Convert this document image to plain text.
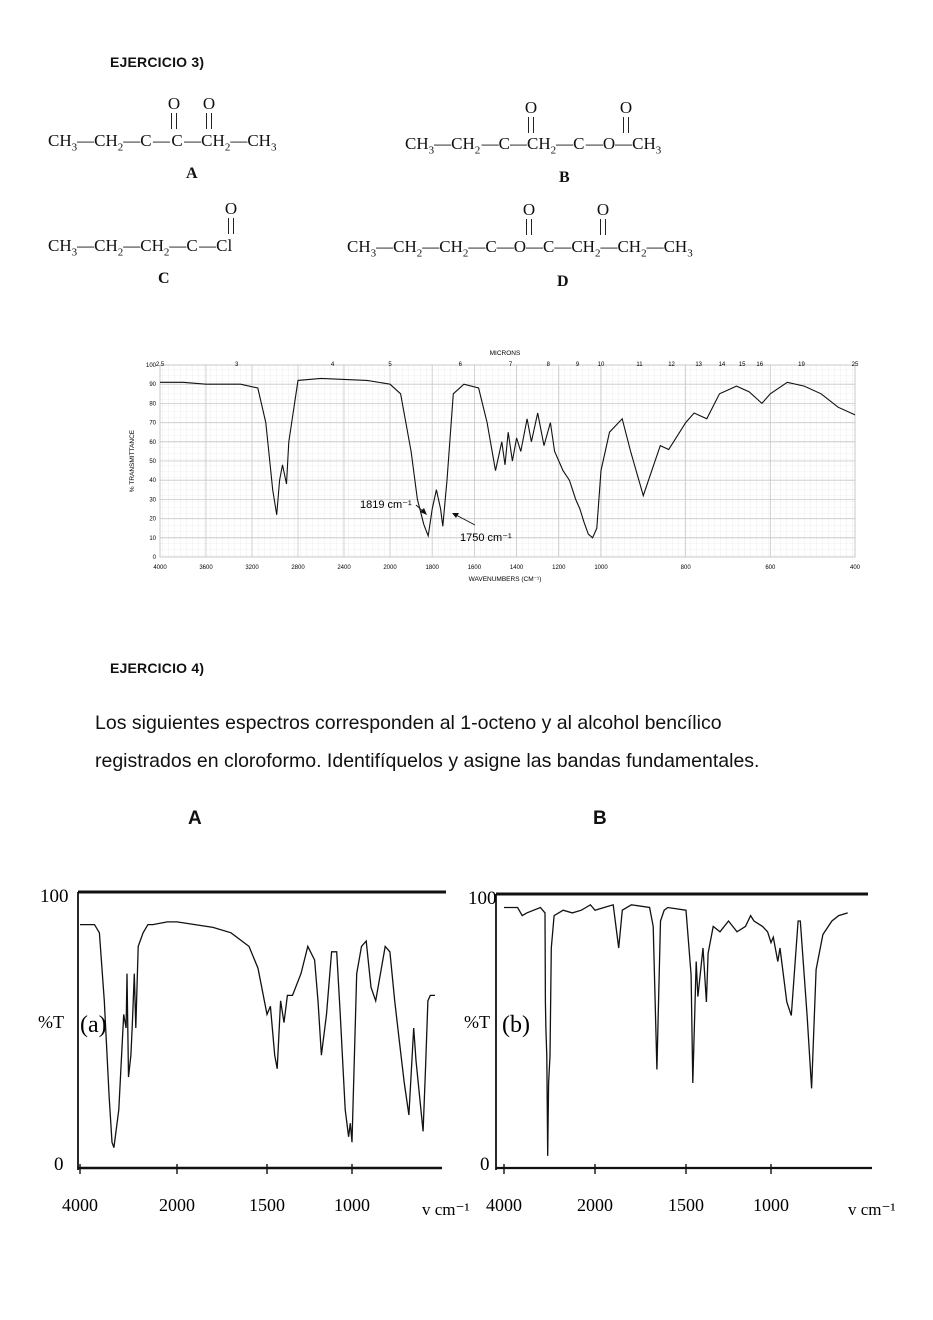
EJERCICIO 3)
O O
$CH_3—CH_2—C$ — C $—CH_2—CH_3$
A
O	O
$CH_3—CH_2$ $—C—CH_2—C$ $—O—CH_3$
B
O
$CH_3—CH_2—CH_2—C$ —Cl
C
O	O
$CH_3—CH_2—CH_2—C—O—C—CH_2—CH_2—CH_3$
D
MICRONS
2.5	3	4	5	6	7	8	9	10	11	12	13	14 15 16	19	25
100
90
80
70
60
50
40
30
20
10
0
4000	3600	3200	2800	2400	2000	1800	1600	1400	1200	1000	800	600	400
% TRANSMITTANCE
WAVENUMBERS (CM⁻¹)
1819 cm⁻¹
1750 cm⁻¹
EJERCICIO 4)
Los siguientes espectros corresponden al 1-octeno y al alcohol bencílico
registrados en cloroformo. Identifíquelos y asigne las bandas fundamentales.
A	B
100
0
%T (a)
4000	2000	1500	1000	v cm⁻¹
100
0
%T (b)
4000	2000	1500	1000	v cm⁻¹
